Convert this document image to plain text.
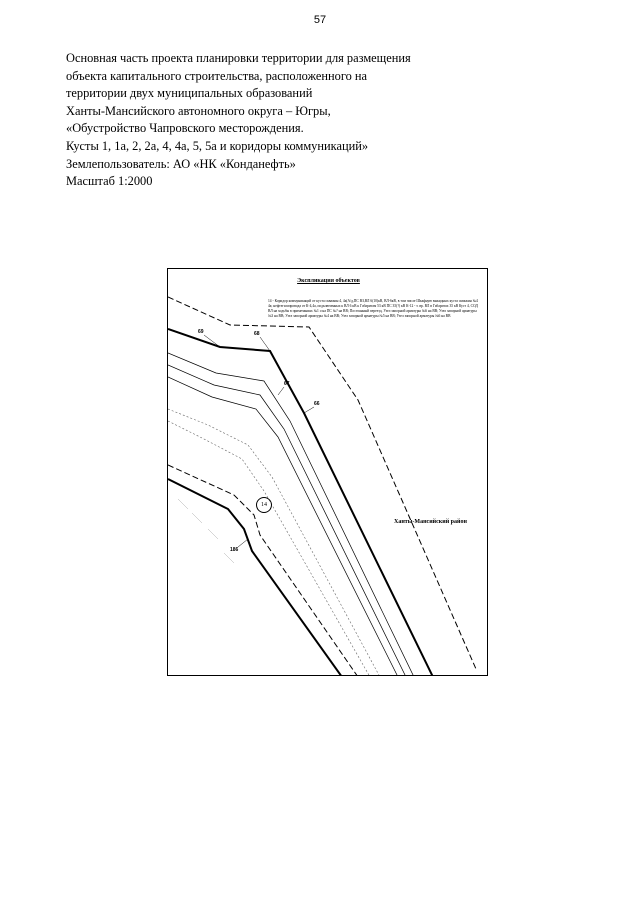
57
Основная часть проекта планировки территории для размещения
объекта капитального строительства, расположенного на
территории двух муниципальных образований
Ханты-Мансийского автономного округа – Югры,
«Обустройство Чапровского месторождения.
Кусты 1, 1а, 2, 2а, 4, 4а, 5, 5а и коридоры коммуникаций»
Землепользователь: АО «НК «Конданефть»
Масштаб 1:2000
Экспликация объектов
14 - Коридор коммуникаций от куста скважин 4, 4а(А/д,ПС ВЗ,ВЛ 6(10)кВ, ВЛ-6кВ, в том числе Шкафную выкидных куста скважин №4 4а; нефтегазопровода от К-4,4а, подключенных к ВЛ 6 кВ к Габаритам 53 кВ ПС 35(?) кВ К-12 - т. вр. ВЛ в Габаритах 35 кВ Куст 4, СОД ВЛ на ходьбы в примечаниях №1 о на ПС №? на ВВ; Постоянный переезд, Узел запорной арматуры №6 на ВВ; Узел запорной арматуры №3 на ВВ; Узел запорной арматуры №4 на ВВ; Узел запорной арматуры №5 на ВВ; Узел запорной арматуры №6 на ВВ
69	68
67
66
186
14
Ханты-Мансийский район
